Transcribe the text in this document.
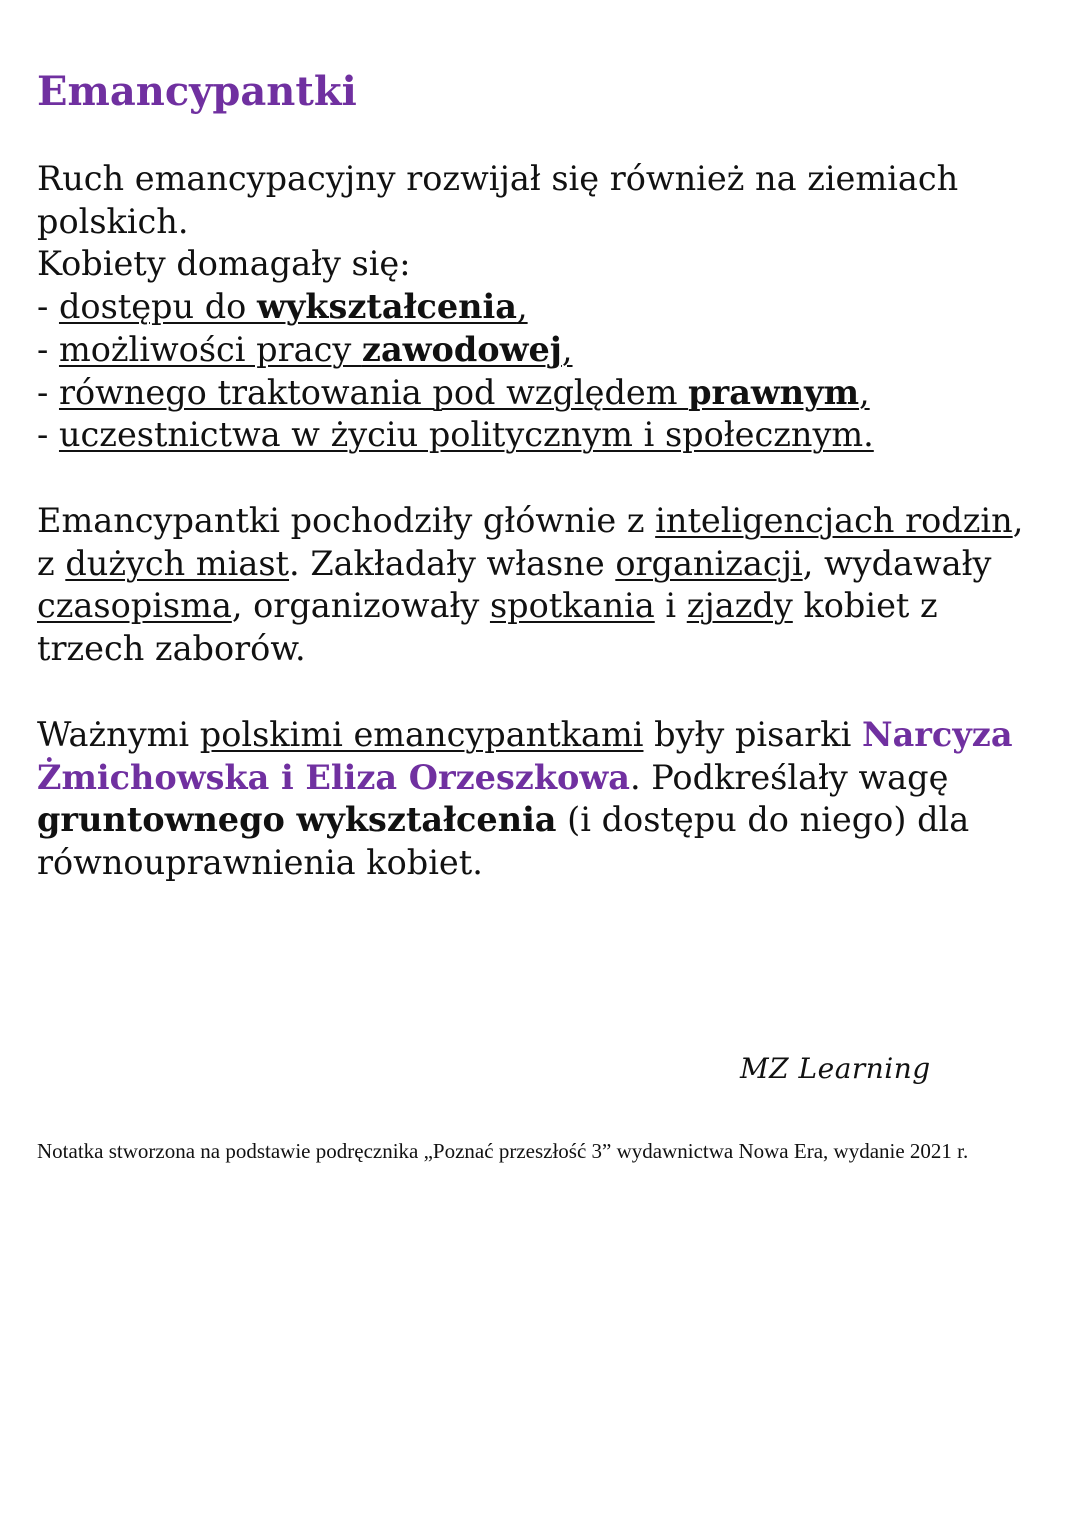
Emancypantki

Ruch emancypacyjny rozwijał się również na ziemiach polskich.
Kobiety domagały się:

- dostępu do wykształcenia,
- możliwości pracy zawodowej,
- równego traktowania pod względem prawnym,
- uczestnictwa w życiu politycznym i społecznym.

Emancypantki pochodziły głównie z inteligencjach rodzin, z dużych miast. Zakładały własne organizacji, wydawały czasopisma, organizowały spotkania i zjazdy kobiet z trzech zaborów.

Ważnymi polskimi emancypantkami były pisarki Narcyza Żmichowska i Eliza Orzeszkowa. Podkreślały wagę gruntownego wykształcenia (i dostępu do niego) dla równouprawnienia kobiet.

MZ Learning

Notatka stworzona na podstawie podręcznika „Poznać przeszłość 3” wydawnictwa Nowa Era, wydanie 2021 r.
